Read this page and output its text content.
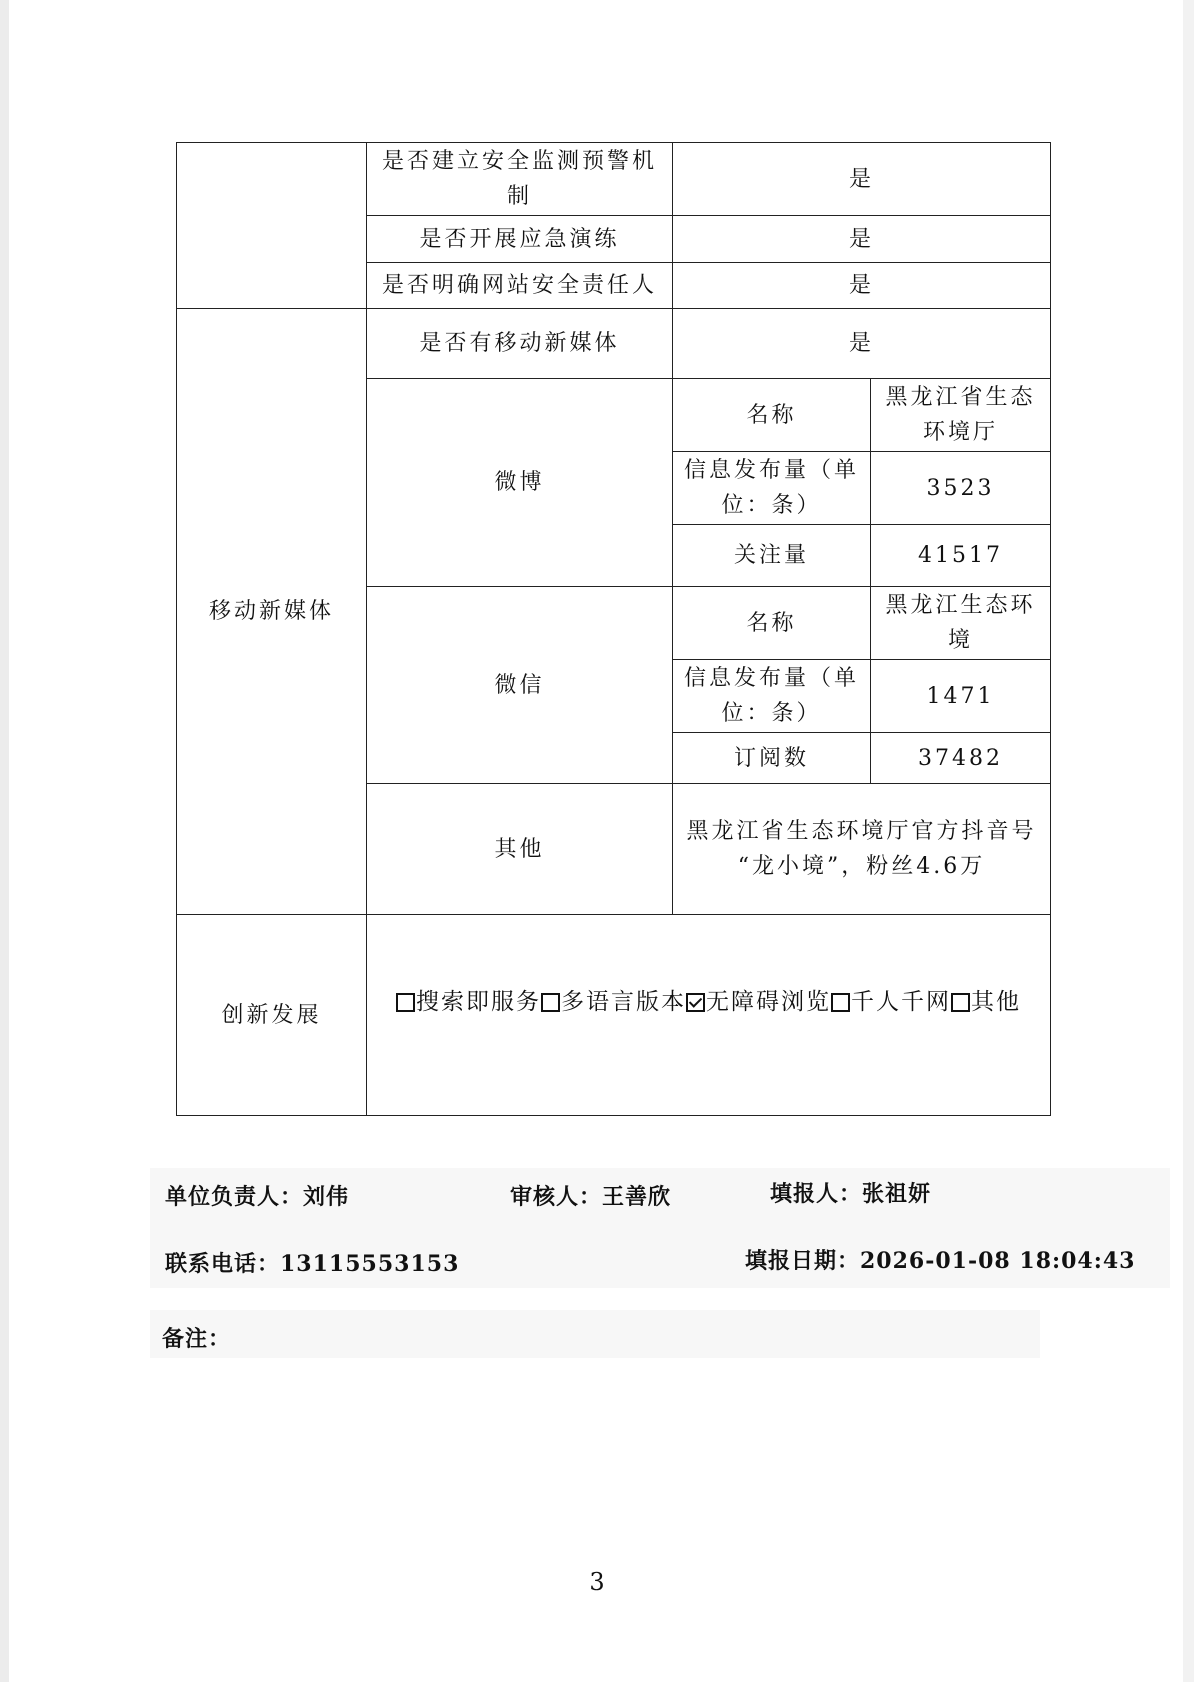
	是否建立安全监测预警机制	是	
	是否开展应急演练	是	
	是否明确网站安全责任人	是	
移动新媒体	是否有移动新媒体	是	
	微博	名称	黑龙江省生态环境厅
		信息发布量（单位：条）	3523
		关注量	41517
	微信	名称	黑龙江生态环境
		信息发布量（单位：条）	1471
		订阅数	37482
	其他	黑龙江省生态环境厅官方抖音号
“龙小境”，粉丝4.6万	

创新发展	搜索即服务 多语言版本 无障碍浏览 千人千网 其他		
单位负责人：刘伟	审核人：王善欣	填报人：张祖妍
联系电话：13115553153	填报日期：2026-01-08 18:04:43
备注：
3
